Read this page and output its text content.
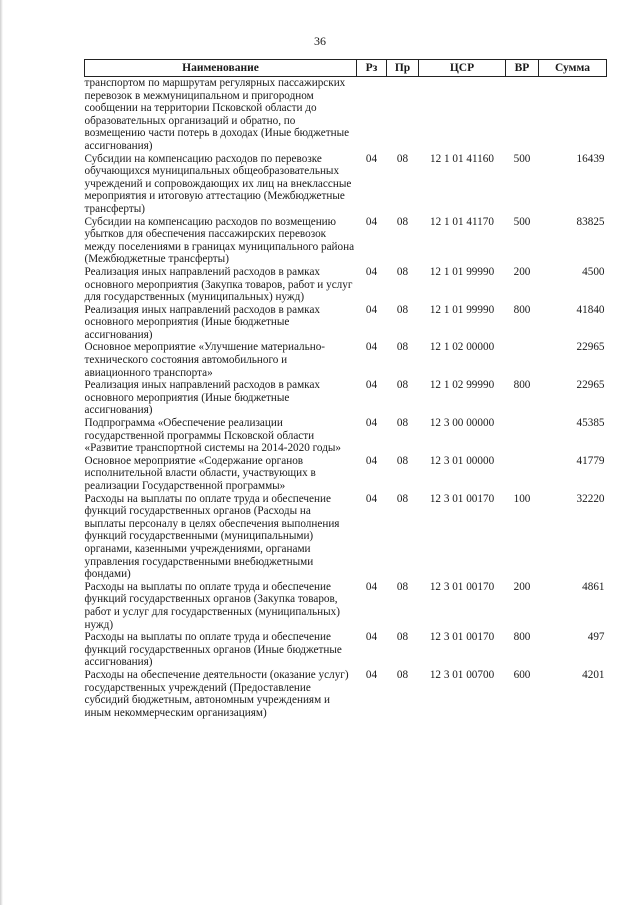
36
Наименование	Рз	Пр	ЦСР	ВР	Сумма
транспортом по маршрутам регулярных пассажирских перевозок в межмуниципальном и пригородном сообщении на территории Псковской области до образовательных организаций и обратно, по возмещению части потерь в доходах (Иные бюджетные ассигнования)					
Субсидии на компенсацию расходов по перевозке обучающихся муниципальных общеобразовательных учреждений и сопровождающих их лиц на внеклассные мероприятия и итоговую аттестацию (Межбюджетные трансферты)	04	08	12 1 01 41160	500	16439
Субсидии на компенсацию расходов по возмещению убытков для обеспечения пассажирских перевозок между поселениями в границах муниципального района (Межбюджетные трансферты)	04	08	12 1 01 41170	500	83825
Реализация иных направлений расходов в рамках основного мероприятия (Закупка товаров, работ и услуг для государственных (муниципальных) нужд)	04	08	12 1 01 99990	200	4500
Реализация иных направлений расходов в рамках основного мероприятия (Иные бюджетные ассигнования)	04	08	12 1 01 99990	800	41840
Основное мероприятие «Улучшение материально-технического состояния автомобильного и авиационного транспорта»	04	08	12 1 02 00000		22965
Реализация иных направлений расходов в рамках основного мероприятия (Иные бюджетные ассигнования)	04	08	12 1 02 99990	800	22965
Подпрограмма «Обеспечение реализации государственной программы Псковской области «Развитие транспортной системы на 2014-2020 годы»	04	08	12 3 00 00000		45385
Основное мероприятие «Содержание органов исполнительной власти области, участвующих в реализации Государственной программы»	04	08	12 3 01 00000		41779
Расходы на выплаты по оплате труда и обеспечение функций государственных органов (Расходы на выплаты персоналу в целях обеспечения выполнения функций государственными (муниципальными) органами, казенными учреждениями, органами управления государственными внебюджетными фондами)	04	08	12 3 01 00170	100	32220
Расходы на выплаты по оплате труда и обеспечение функций государственных органов (Закупка товаров, работ и услуг для государственных (муниципальных) нужд)	04	08	12 3 01 00170	200	4861
Расходы на выплаты по оплате труда и обеспечение функций государственных органов (Иные бюджетные ассигнования)	04	08	12 3 01 00170	800	497
Расходы на обеспечение деятельности (оказание услуг) государственных учреждений (Предоставление субсидий бюджетным, автономным учреждениям и иным некоммерческим организациям)	04	08	12 3 01 00700	600	4201
